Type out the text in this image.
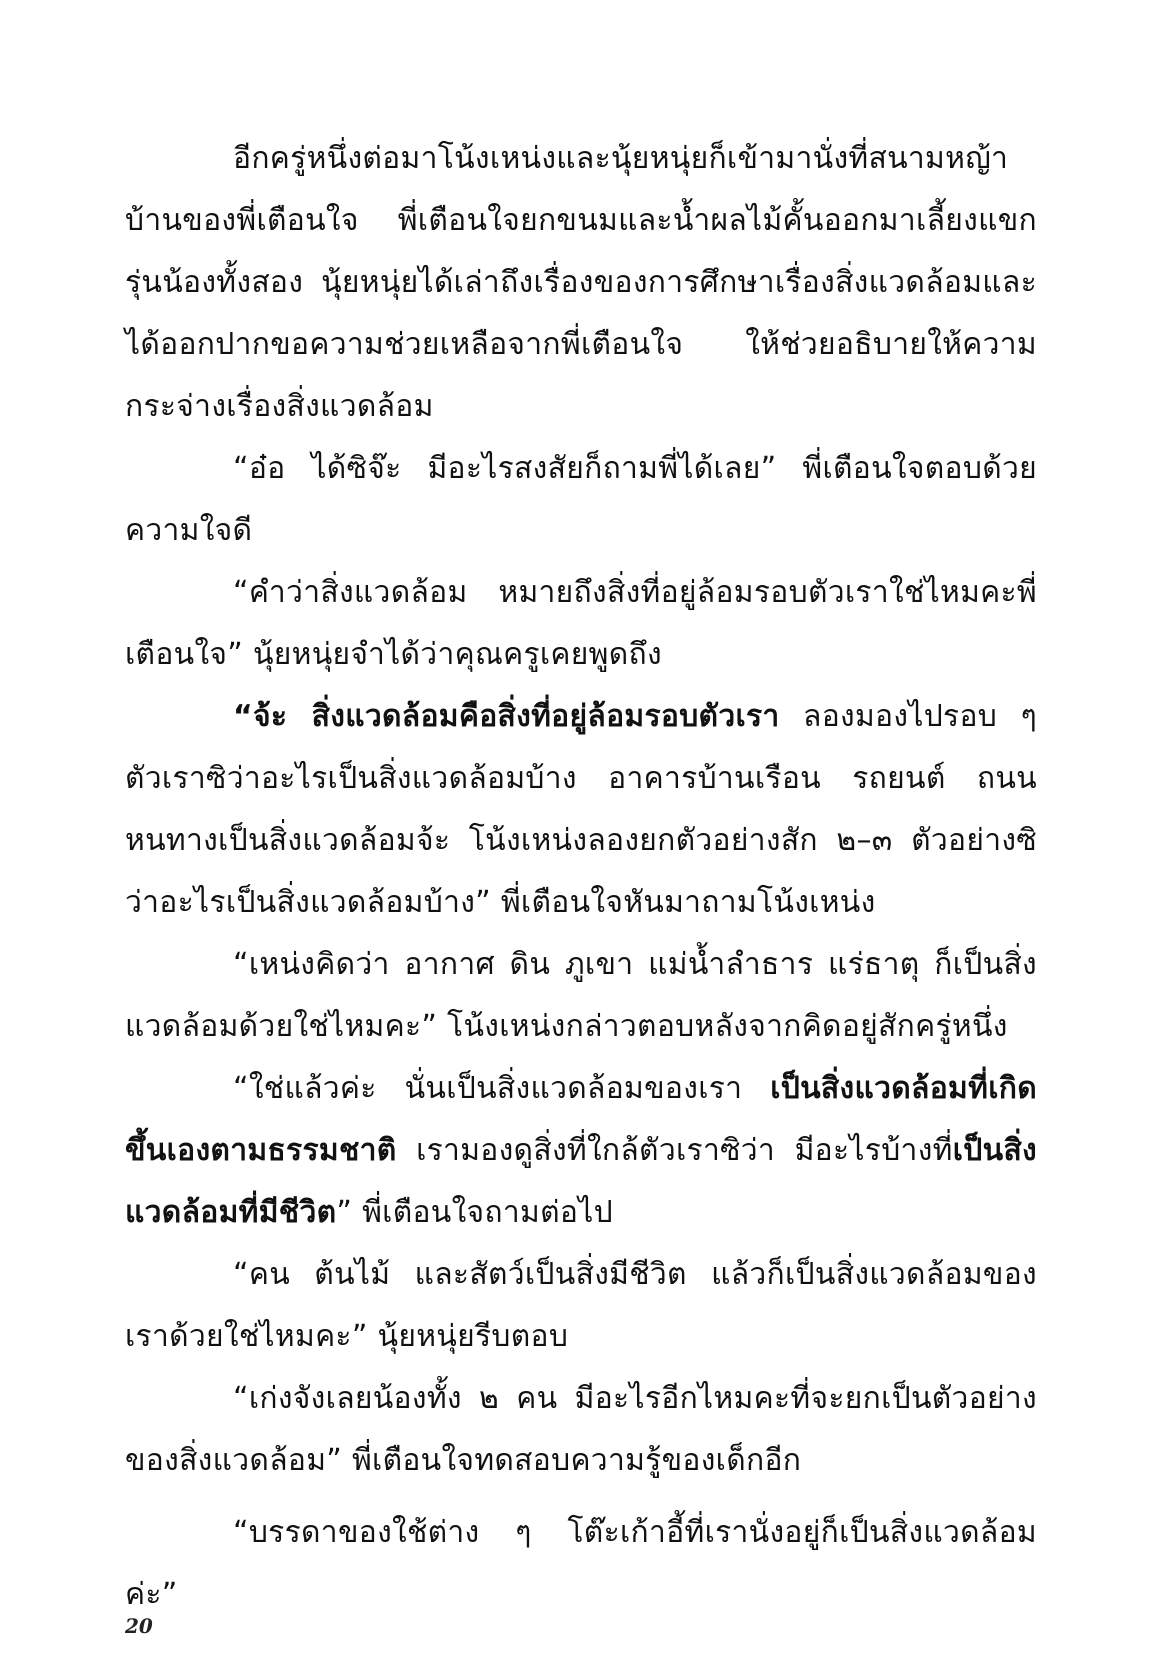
อีกครู่หนึ่งต่อมาโน้งเหน่งและนุ้ยหนุ่ยก็เข้ามานั่งที่สนามหญ้าบ้านของพี่เตือนใจ พี่เตือนใจยกขนมและน้ำผลไม้คั้นออกมาเลี้ยงแขกรุ่นน้องทั้งสอง นุ้ยหนุ่ยได้เล่าถึงเรื่องของการศึกษาเรื่องสิ่งแวดล้อมและได้ออกปากขอความช่วยเหลือจากพี่เตือนใจ ให้ช่วยอธิบายให้ความกระจ่างเรื่องสิ่งแวดล้อม

“อ๋อ ได้ซิจ๊ะ มีอะไรสงสัยก็ถามพี่ได้เลย” พี่เตือนใจตอบด้วยความใจดี

“คำว่าสิ่งแวดล้อม หมายถึงสิ่งที่อยู่ล้อมรอบตัวเราใช่ไหมคะพี่เตือนใจ” นุ้ยหนุ่ยจำได้ว่าคุณครูเคยพูดถึง

“จ้ะ สิ่งแวดล้อมคือสิ่งที่อยู่ล้อมรอบตัวเรา ลองมองไปรอบ ๆ ตัวเราซิว่าอะไรเป็นสิ่งแวดล้อมบ้าง อาคารบ้านเรือน รถยนต์ ถนนหนทางเป็นสิ่งแวดล้อมจ้ะ โน้งเหน่งลองยกตัวอย่างสัก ๒–๓ ตัวอย่างซิว่าอะไรเป็นสิ่งแวดล้อมบ้าง” พี่เตือนใจหันมาถามโน้งเหน่ง

“เหน่งคิดว่า อากาศ ดิน ภูเขา แม่น้ำลำธาร แร่ธาตุ ก็เป็นสิ่งแวดล้อมด้วยใช่ไหมคะ” โน้งเหน่งกล่าวตอบหลังจากคิดอยู่สักครู่หนึ่ง

“ใช่แล้วค่ะ นั่นเป็นสิ่งแวดล้อมของเรา เป็นสิ่งแวดล้อมที่เกิดขึ้นเองตามธรรมชาติ เรามองดูสิ่งที่ใกล้ตัวเราซิว่า มีอะไรบ้างที่เป็นสิ่งแวดล้อมที่มีชีวิต” พี่เตือนใจถามต่อไป

“คน ต้นไม้ และสัตว์เป็นสิ่งมีชีวิต แล้วก็เป็นสิ่งแวดล้อมของเราด้วยใช่ไหมคะ” นุ้ยหนุ่ยรีบตอบ

“เก่งจังเลยน้องทั้ง ๒ คน มีอะไรอีกไหมคะที่จะยกเป็นตัวอย่างของสิ่งแวดล้อม” พี่เตือนใจทดสอบความรู้ของเด็กอีก

“บรรดาของใช้ต่าง ๆ โต๊ะเก้าอี้ที่เรานั่งอยู่ก็เป็นสิ่งแวดล้อมค่ะ”

20
